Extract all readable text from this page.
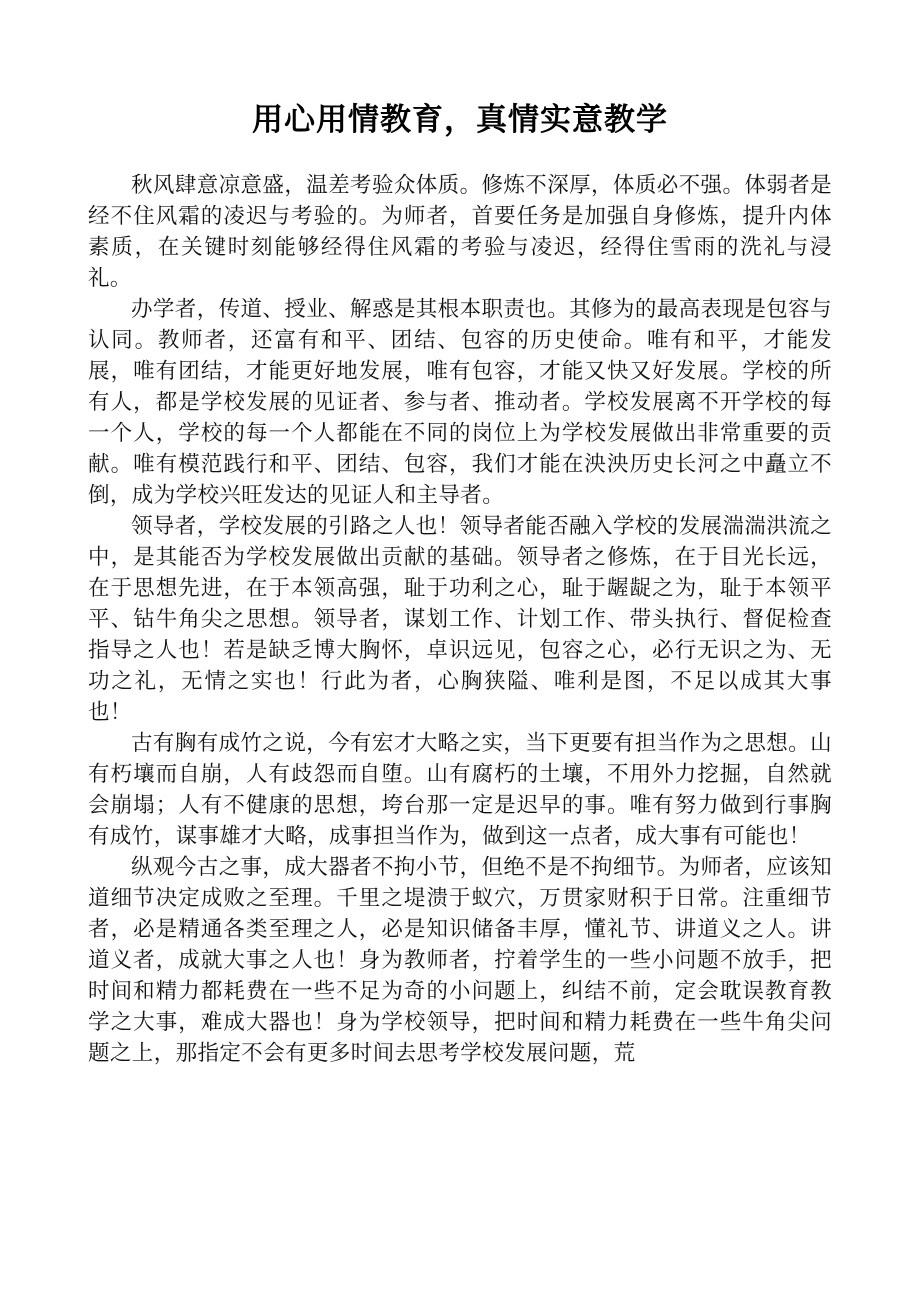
用心用情教育，真情实意教学

秋风肆意凉意盛，温差考验众体质。修炼不深厚，体质必不强。体弱者是经不住风霜的凌迟与考验的。为师者，首要任务是加强自身修炼，提升内体素质，在关键时刻能够经得住风霜的考验与凌迟，经得住雪雨的洗礼与浸礼。

办学者，传道、授业、解惑是其根本职责也。其修为的最高表现是包容与认同。教师者，还富有和平、团结、包容的历史使命。唯有和平，才能发展，唯有团结，才能更好地发展，唯有包容，才能又快又好发展。学校的所有人，都是学校发展的见证者、参与者、推动者。学校发展离不开学校的每一个人，学校的每一个人都能在不同的岗位上为学校发展做出非常重要的贡献。唯有模范践行和平、团结、包容，我们才能在泱泱历史长河之中矗立不倒，成为学校兴旺发达的见证人和主导者。

领导者，学校发展的引路之人也！领导者能否融入学校的发展湍湍洪流之中，是其能否为学校发展做出贡献的基础。领导者之修炼，在于目光长远，在于思想先进，在于本领高强，耻于功利之心，耻于龌龊之为，耻于本领平平、钻牛角尖之思想。领导者，谋划工作、计划工作、带头执行、督促检查指导之人也！若是缺乏博大胸怀，卓识远见，包容之心，必行无识之为、无功之礼，无情之实也！行此为者，心胸狭隘、唯利是图，不足以成其大事也！

古有胸有成竹之说，今有宏才大略之实，当下更要有担当作为之思想。山有朽壤而自崩，人有歧怨而自堕。山有腐朽的土壤，不用外力挖掘，自然就会崩塌；人有不健康的思想，垮台那一定是迟早的事。唯有努力做到行事胸有成竹，谋事雄才大略，成事担当作为，做到这一点者，成大事有可能也！

纵观今古之事，成大器者不拘小节，但绝不是不拘细节。为师者，应该知道细节决定成败之至理。千里之堤溃于蚁穴，万贯家财积于日常。注重细节者，必是精通各类至理之人，必是知识储备丰厚，懂礼节、讲道义之人。讲道义者，成就大事之人也！身为教师者，拧着学生的一些小问题不放手，把时间和精力都耗费在一些不足为奇的小问题上，纠结不前，定会耽误教育教学之大事，难成大器也！身为学校领导，把时间和精力耗费在一些牛角尖问题之上，那指定不会有更多时间去思考学校发展问题，荒
